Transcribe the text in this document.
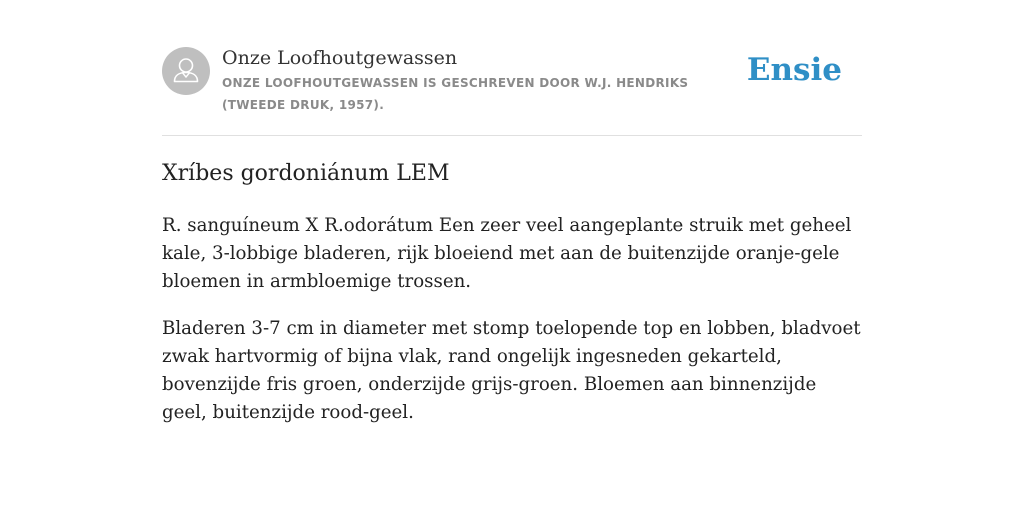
Onze Loofhoutgewassen
ONZE LOOFHOUTGEWASSEN IS GESCHREVEN DOOR W.J. HENDRIKS (TWEEDE DRUK, 1957).
Ensie
Xríbes gordoniánum LEM

R. sanguíneum X R.odorátum Een zeer veel aangeplante struik met geheel kale, 3-lobbige bladeren, rijk bloeiend met aan de buitenzijde oranje-gele bloemen in armbloemige trossen.

Bladeren 3-7 cm in diameter met stomp toelopende top en lobben, bladvoet zwak hartvormig of bijna vlak, rand ongelijk ingesneden gekarteld, bovenzijde fris groen, onderzijde grijs-groen. Bloemen aan binnenzijde geel, buitenzijde rood-geel.
